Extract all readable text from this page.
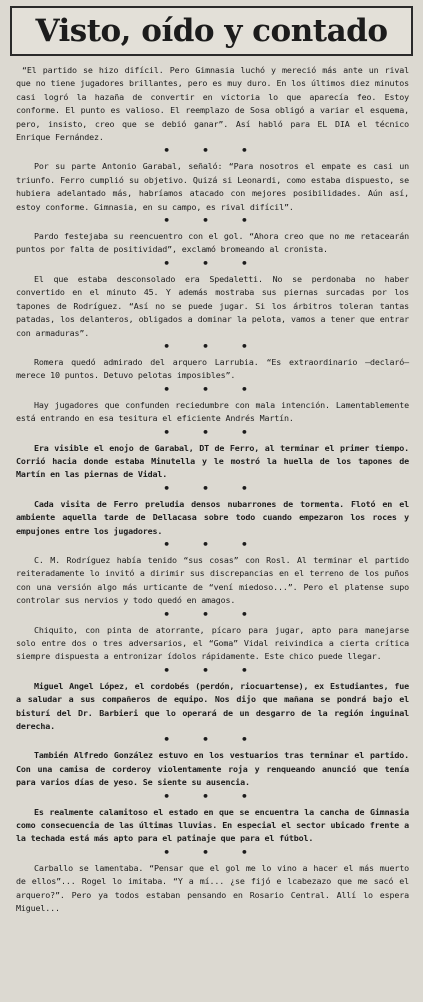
Visto, oído y contado

“El partido se hizo difícil. Pero Gimnasia luchó y mereció más ante un rival que no tiene jugadores brillantes, pero es muy duro. En los últimos diez minutos casi logró la hazaña de convertir en victoria lo que aparecía feo. Estoy conforme. El punto es valioso. El reemplazo de Sosa obligó a variar el esquema, pero, insisto, creo que se debió ganar”. Así habló para EL DIA el técnico Enrique Fernández.

• • •

Por su parte Antonio Garabal, señaló: “Para nosotros el empate es casi un triunfo. Ferro cumplió su objetivo. Quizá si Leonardi, como estaba dispuesto, se hubiera adelantado más, habríamos atacado con mejores posibilidades. Aún así, estoy conforme. Gimnasia, en su campo, es rival difícil”.

• • •

Pardo festejaba su reencuentro con el gol. “Ahora creo que no me retacearán puntos por falta de positividad”, exclamó bromeando al cronista.

• • •

El que estaba desconsolado era Spedaletti. No se perdonaba no haber convertido en el minuto 45. Y además mostraba sus piernas surcadas por los tapones de Rodríguez. “Así no se puede jugar. Si los árbitros toleran tantas patadas, los delanteros, obligados a dominar la pelota, vamos a tener que entrar con armaduras”.

• • •

Romera quedó admirado del arquero Larrubia. “Es extraordinario —declaró— merece 10 puntos. Detuvo pelotas imposibles”.

• • •

Hay jugadores que confunden reciedumbre con mala intención. Lamentablemente está entrando en esa tesitura el eficiente Andrés Martín.

• • •

Era visible el enojo de Garabal, DT de Ferro, al terminar el primer tiempo. Corrió hacia donde estaba Minutella y le mostró la huella de los tapones de Martín en las piernas de Vidal.

• • •

Cada visita de Ferro preludia densos nubarrones de tormenta. Flotó en el ambiente aquella tarde de Dellacasa sobre todo cuando empezaron los roces y empujones entre los jugadores.

• • •

C. M. Rodríguez había tenido “sus cosas” con Rosl. Al terminar el partido reiteradamente lo invitó a dirimir sus discrepancias en el terreno de los puños con una versión algo más urticante de “vení miedoso...”. Pero el platense supo controlar sus nervios y todo quedó en amagos.

• • •

Chiquito, con pinta de atorrante, pícaro para jugar, apto para manejarse solo entre dos o tres adversarios, el “Goma” Vidal reivindica a cierta crítica siempre dispuesta a entronizar ídolos rápidamente. Este chico puede llegar.

• • •

Miguel Angel López, el cordobés (perdón, riocuartense), ex Estudiantes, fue a saludar a sus compañeros de equipo. Nos dijo que mañana se pondrá bajo el bisturí del Dr. Barbieri que lo operará de un desgarro de la región inguinal derecha.

• • •

También Alfredo González estuvo en los vestuarios tras terminar el partido. Con una camisa de corderoy violentamente roja y renqueando anunció que tenía para varios días de yeso. Se siente su ausencia.

• • •

Es realmente calamitoso el estado en que se encuentra la cancha de Gimnasia como consecuencia de las últimas lluvias. En especial el sector ubicado frente a la techada está más apto para el patinaje que para el fútbol.

• • •

Carballo se lamentaba. “Pensar que el gol me lo vino a hacer el más muerto de ellos”... Rogel lo imitaba. “Y a mí... ¿se fijó e lcabezazo que me sacó el arquero?”. Pero ya todos estaban pensando en Rosario Central. Allí lo espera Miguel...
